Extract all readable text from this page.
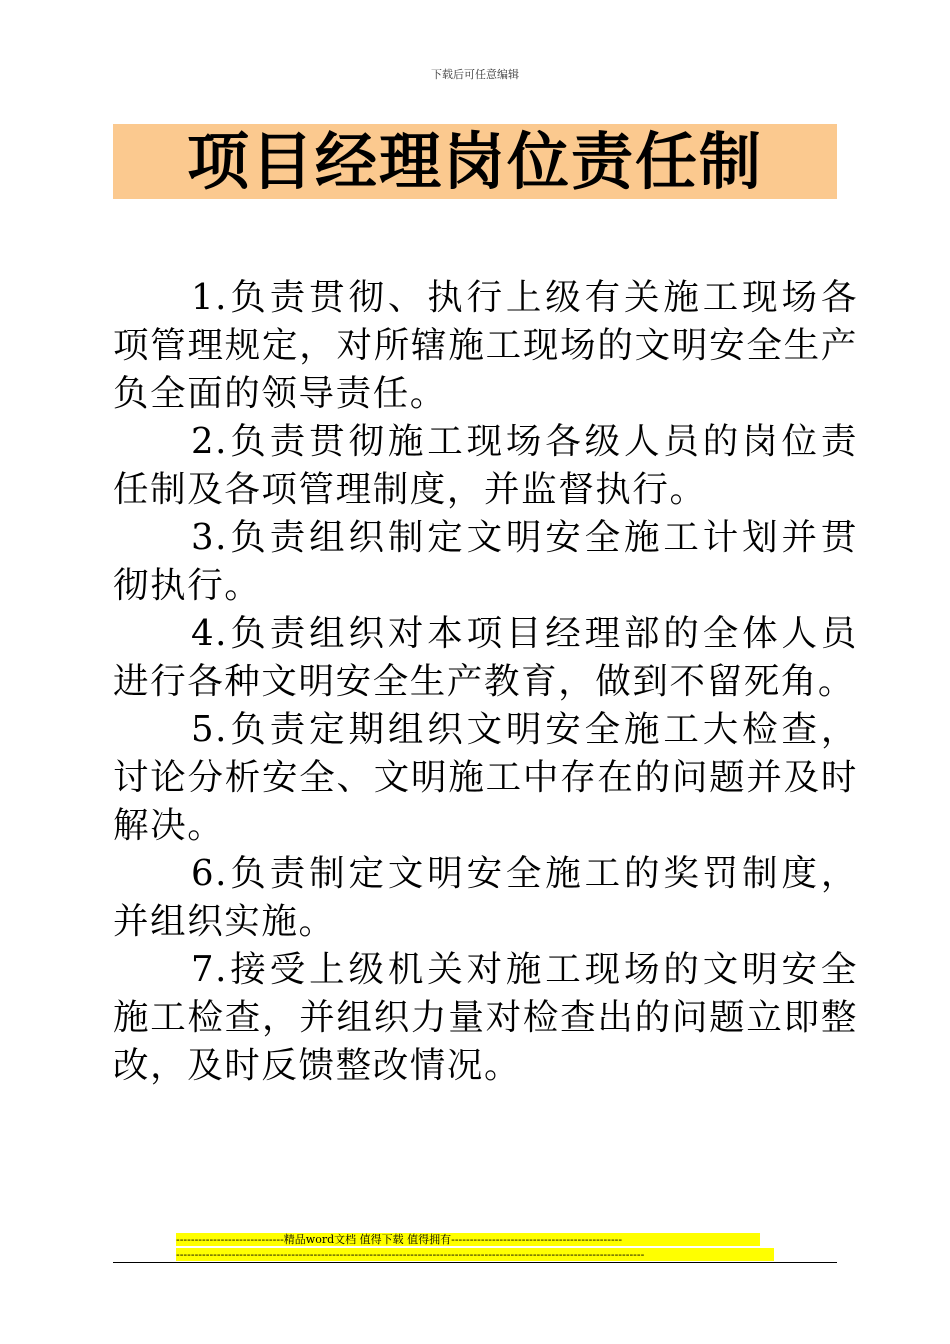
下载后可任意编辑
项目经理岗位责任制

1.负责贯彻、执行上级有关施工现场各项管理规定，对所辖施工现场的文明安全生产负全面的领导责任。

2.负责贯彻施工现场各级人员的岗位责任制及各项管理制度，并监督执行。

3.负责组织制定文明安全施工计划并贯彻执行。

4.负责组织对本项目经理部的全体人员进行各种文明安全生产教育，做到不留死角。

5.负责定期组织文明安全施工大检查，讨论分析安全、文明施工中存在的问题并及时解决。

6.负责制定文明安全施工的奖罚制度，并组织实施。

7.接受上级机关对施工现场的文明安全施工检查，并组织力量对检查出的问题立即整改，及时反馈整改情况。

-----------------------------精品word文档 值得下载 值得拥有----------------------------------------------
------------------------------------------------------------------------------------------------------------------------------
